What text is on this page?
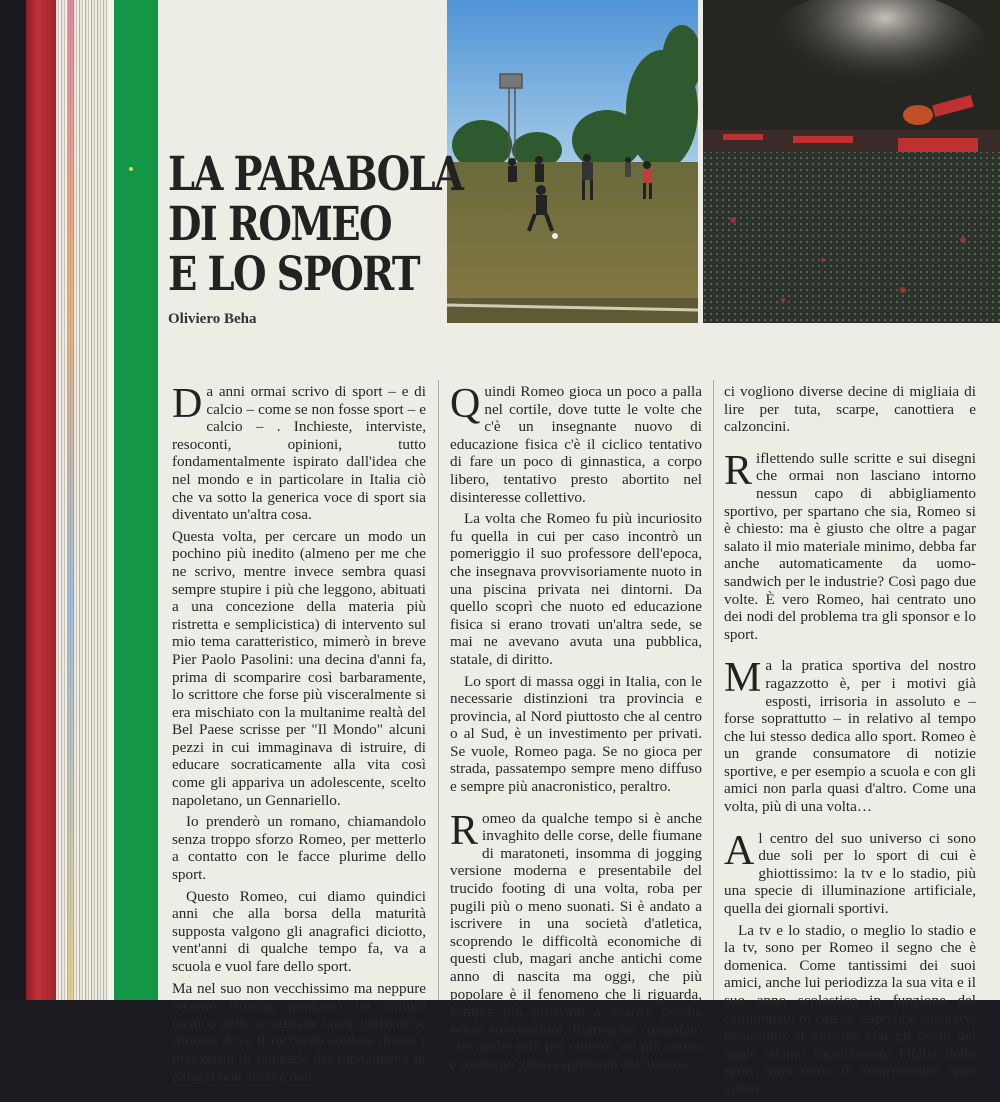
LA PARABOLA
DI ROMEO
E LO SPORT
Oliviero Beha

Da anni ormai scrivo di sport – e di calcio – come se non fosse sport – e calcio – . Inchieste, interviste, resoconti, opinioni, tutto fondamentalmente ispirato dall'idea che nel mondo e in particolare in Italia ciò che va sotto la generica voce di sport sia diventato un'altra cosa.

Questa volta, per cercare un modo un pochino più inedito (almeno per me che ne scrivo, mentre invece sembra quasi sempre stupire i più che leggono, abituati a una concezione della materia più ristretta e semplicistica) di intervento sul mio tema caratteristico, mimerò in breve Pier Paolo Pasolini: una decina d'anni fa, prima di scomparire così barbaramente, lo scrittore che forse più visceralmente si era mischiato con la multanime realtà del Bel Paese scrisse per "Il Mondo" alcuni pezzi in cui immaginava di istruire, di educare socraticamente alla vita così come gli appariva un adolescente, scelto napoletano, un Gennariello.

Io prenderò un romano, chiamandolo senza troppo sforzo Romeo, per metterlo a contatto con le facce plurime dello sport.

Questo Romeo, cui diamo quindici anni che alla borsa della maturità supposta valgono gli anagrafici diciotto, vent'anni di qualche tempo fa, va a scuola e vuol fare dello sport.

Ma nel suo non vecchissimo ma neppure recente istituto, poniamo un istituto tecnico delle sconfinate lande periferiche romane dove il raccordo anulare divide i magazzini di lampade dai fondamenta di palazzi non ancora nati

Quindi Romeo gioca un poco a palla nel cortile, dove tutte le volte che c'è un insegnante nuovo di educazione fisica c'è il ciclico tentativo di fare un poco di ginnastica, a corpo libero, tentativo presto abortito nel disinteresse collettivo.

La volta che Romeo fu più incuriosito fu quella in cui per caso incontrò un pomeriggio il suo professore dell'epoca, che insegnava provvisoriamente nuoto in una piscina privata nei dintorni. Da quello scoprì che nuoto ed educazione fisica si erano trovati un'altra sede, se mai ne avevano avuta una pubblica, statale, di diritto.

Lo sport di massa oggi in Italia, con le necessarie distinzioni tra provincia e provincia, al Nord piuttosto che al centro o al Sud, è un investimento per privati. Se vuole, Romeo paga. Se no gioca per strada, passatempo sempre meno diffuso e sempre più anacronistico, peraltro.

Romeo da qualche tempo si è anche invaghito delle corse, delle fiumane di maratoneti, insomma di jogging versione moderna e presentabile del trucido footing di una volta, roba per pugili più o meno suonati. Si è andato a iscrivere in una società d'atletica, scoprendo le difficoltà economiche di questi club, magari anche antichi come anno di nascita ma oggi, che più popolare è il fenomeno che li riguarda, sempre più prossimi a sparire perché senza sovvenzioni. Romeo ha constatato che anche solo per correre, «il più antico e moderno gesto espressivo dell'uomo»

ci vogliono diverse decine di migliaia di lire per tuta, scarpe, canottiera e calzoncini.

Riflettendo sulle scritte e sui disegni che ormai non lasciano intorno nessun capo di abbigliamento sportivo, per spartano che sia, Romeo si è chiesto: ma è giusto che oltre a pagar salato il mio materiale minimo, debba far anche automaticamente da uomo-sandwich per le industrie? Così pago due volte. È vero Romeo, hai centrato uno dei nodi del problema tra gli sponsor e lo sport.

Ma la pratica sportiva del nostro ragazzotto è, per i motivi già esposti, irrisoria in assoluto e – forse soprattutto – in relativo al tempo che lui stesso dedica allo sport. Romeo è un grande consumatore di notizie sportive, e per esempio a scuola e con gli amici non parla quasi d'altro. Come una volta, più di una volta…

Al centro del suo universo ci sono due soli per lo sport di cui è ghiottissimo: la tv e lo stadio, più una specie di illuminazione artificiale, quella dei giornali sportivi.

La tv e lo stadio, o meglio lo stadio e la tv, sono per Romeo il segno che è domenica. Come tantissimi dei suoi amici, anche lui periodizza la sua vita e il suo anno scolastico in funzione del campionato di calcio. Saprebbe spiegarvi benissimo, il giovane con gli occhi del quale stiamo focalizzando l'Italia dello sport, quel senso di smarrimento, quel vuoto
